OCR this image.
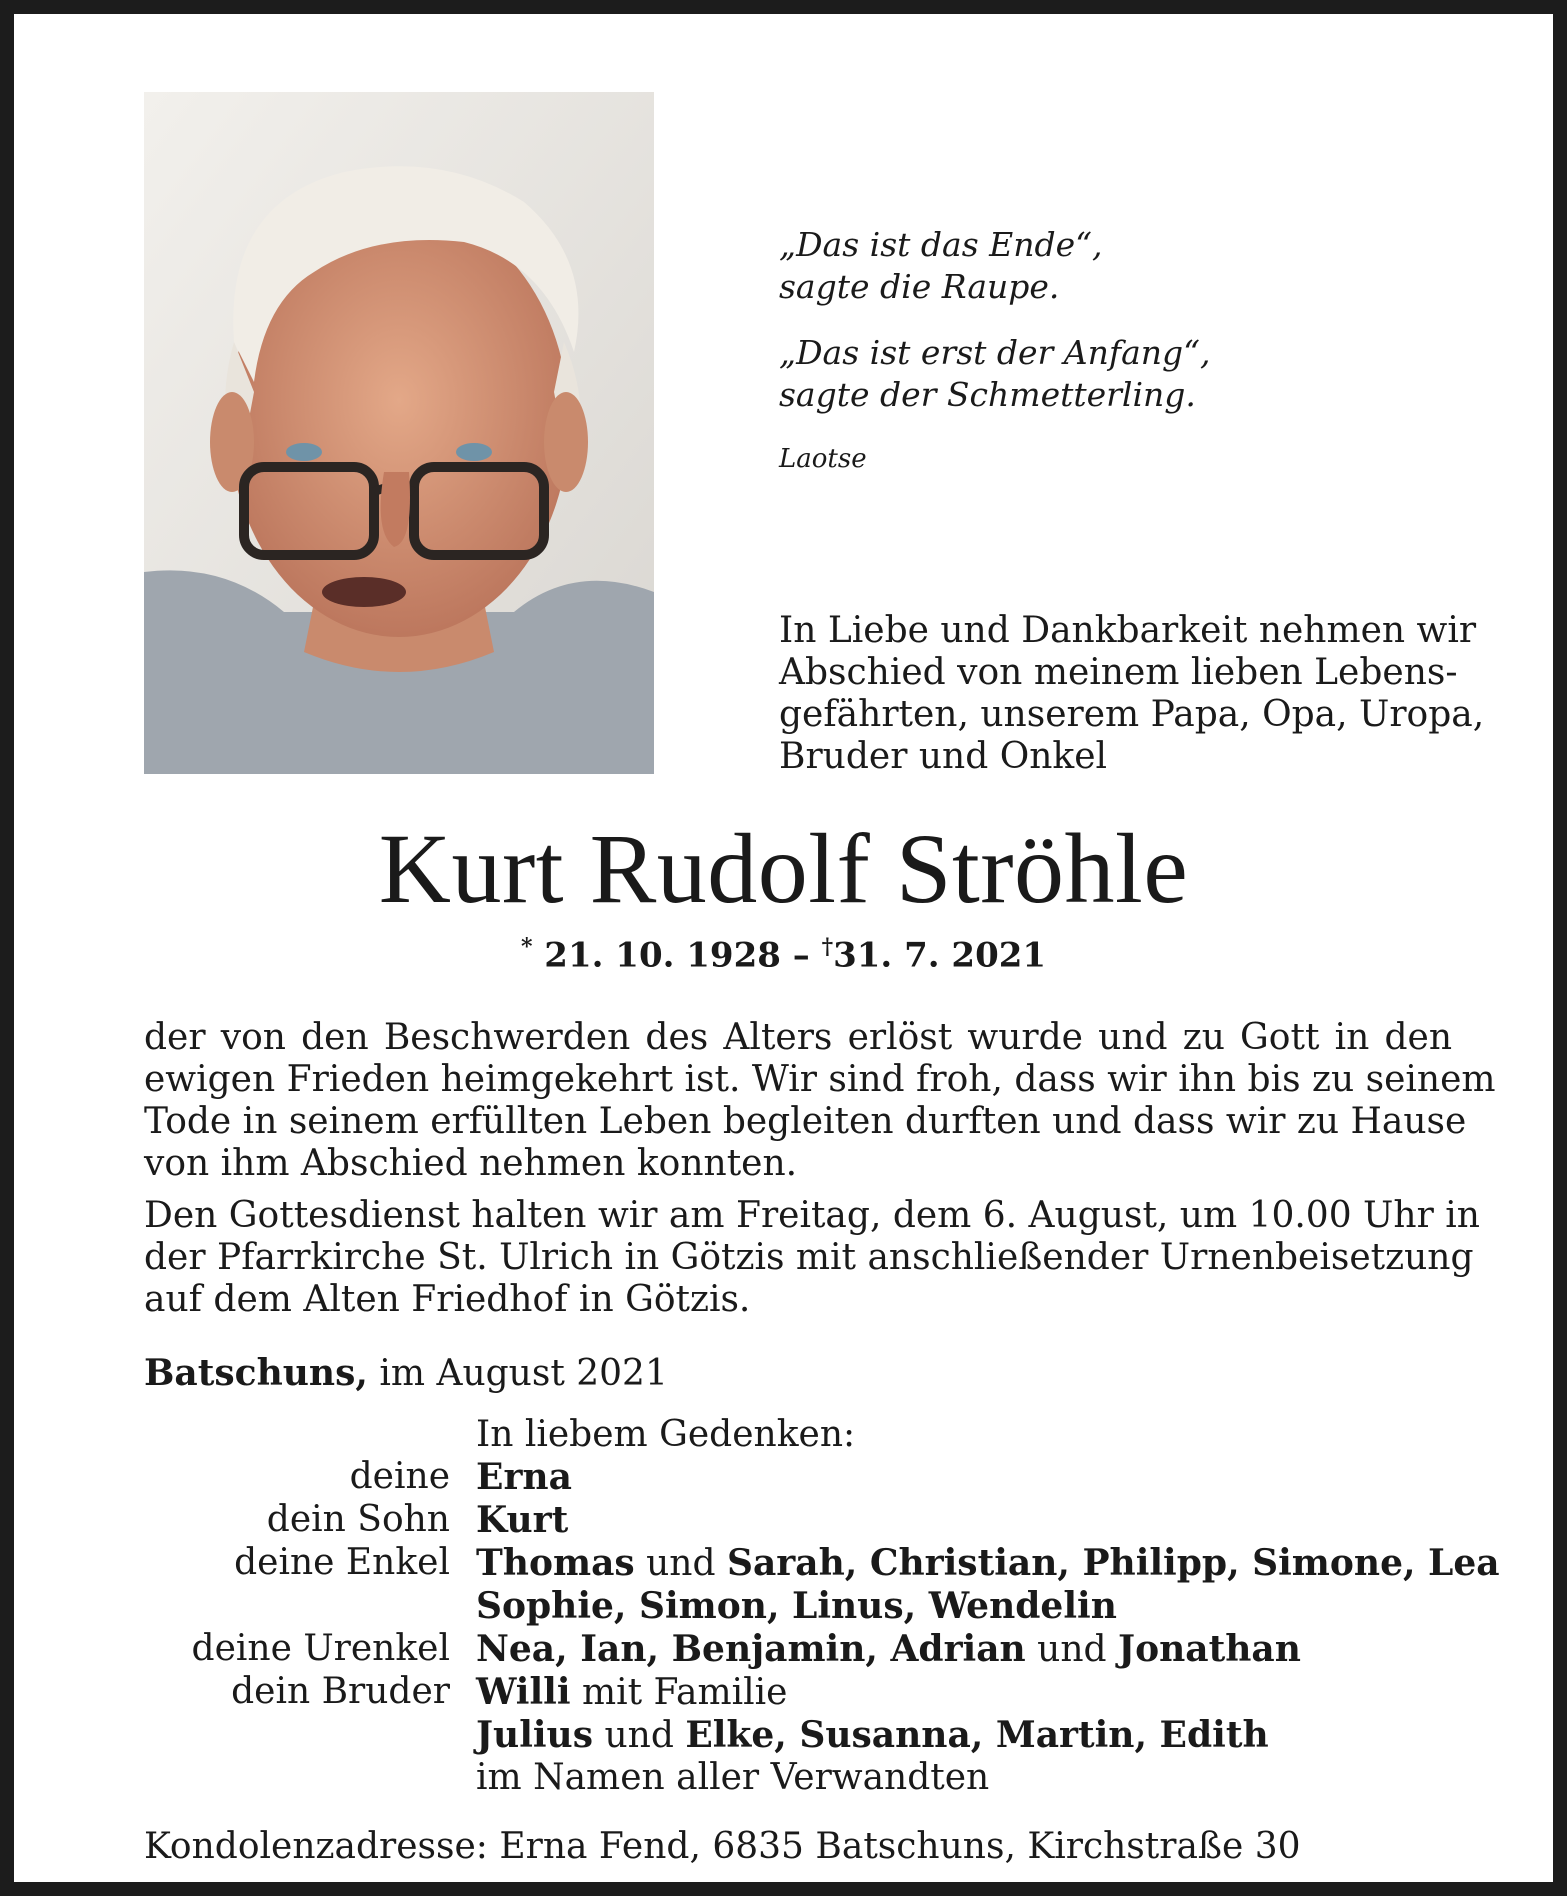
„Das ist das Ende“,

sagte die Raupe.

„Das ist erst der Anfang“,

sagte der Schmetterling.

Laotse

In Liebe und Dankbarkeit nehmen wir
Abschied von meinem lieben Lebens-
gefährten, unserem Papa, Opa, Uropa,
Bruder und Onkel
Kurt Rudolf Ströhle
* 21. 10. 1928 – †31. 7. 2021

der von den Beschwerden des Alters erlöst wurde und zu Gott in den
ewigen Frieden heimgekehrt ist. Wir sind froh, dass wir ihn bis zu seinem
Tode in seinem erfüllten Leben begleiten durften und dass wir zu Hause
von ihm Abschied nehmen konnten.

Den Gottesdienst halten wir am Freitag, dem 6. August, um 10.00 Uhr in
der Pfarrkirche St. Ulrich in Götzis mit anschließender Urnenbeisetzung
auf dem Alten Friedhof in Götzis.

Batschuns, im August 2021
In liebem Gedenken:
deine Erna
dein Sohn Kurt
deine Enkel Thomas und Sarah, Christian, Philipp, Simone, Lea
Sophie, Simon, Linus, Wendelin
deine Urenkel Nea, Ian, Benjamin, Adrian und Jonathan
dein Bruder Willi mit Familie
Julius und Elke, Susanna, Martin, Edith
im Namen aller Verwandten
Kondolenzadresse: Erna Fend, 6835 Batschuns, Kirchstraße 30
